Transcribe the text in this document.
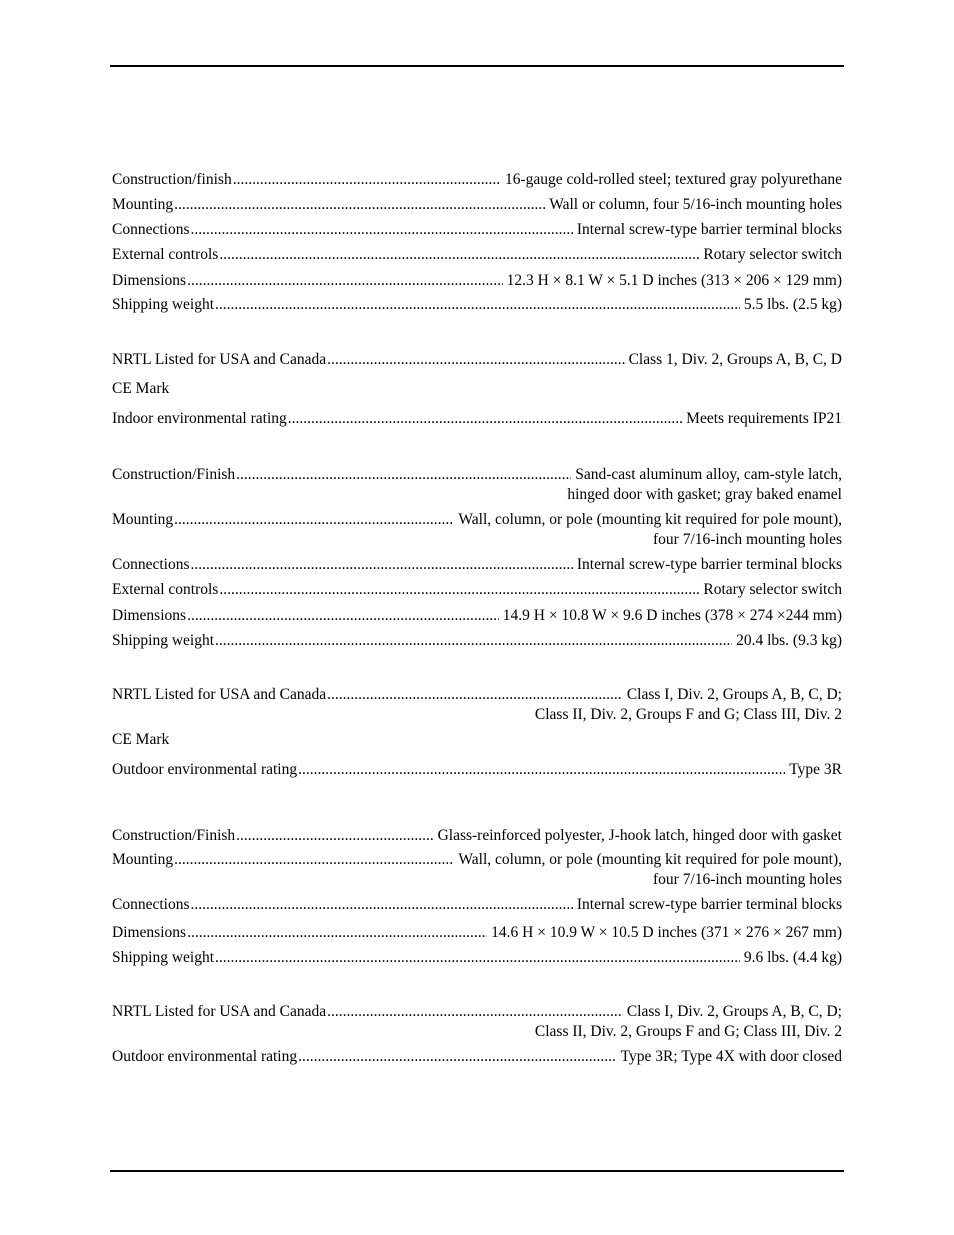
Construction/finish .....	16-gauge cold-rolled steel; textured gray polyurethane
Mounting .....	Wall or column, four 5/16-inch mounting holes
Connections .....	Internal screw-type barrier terminal blocks
External controls .....	Rotary selector switch
Dimensions .....	12.3 H × 8.1 W × 5.1 D inches (313 × 206 × 129 mm)
Shipping weight .....	5.5 lbs. (2.5 kg)
NRTL Listed for USA and Canada .....	Class 1, Div. 2, Groups A, B, C, D
CE Mark
Indoor environmental rating .....	Meets requirements IP21
Construction/Finish .....	Sand-cast aluminum alloy, cam-style latch,
hinged door with gasket; gray baked enamel
Mounting .....	Wall, column, or pole (mounting kit required for pole mount),
four 7/16-inch mounting holes
Connections .....	Internal screw-type barrier terminal blocks
External controls .....	Rotary selector switch
Dimensions .....	14.9 H × 10.8 W × 9.6 D inches (378 × 274 ×244 mm)
Shipping weight .....	20.4 lbs. (9.3 kg)
NRTL Listed for USA and Canada .....	Class I, Div. 2, Groups A, B, C, D;
Class II, Div. 2, Groups F and G; Class III, Div. 2
CE Mark
Outdoor environmental rating .....	Type 3R
Construction/Finish .....	Glass-reinforced polyester, J-hook latch, hinged door with gasket
Mounting .....	Wall, column, or pole (mounting kit required for pole mount),
four 7/16-inch mounting holes
Connections .....	Internal screw-type barrier terminal blocks
Dimensions .....	14.6 H × 10.9 W × 10.5 D inches (371 × 276 × 267 mm)
Shipping weight .....	9.6 lbs. (4.4 kg)
NRTL Listed for USA and Canada .....	Class I, Div. 2, Groups A, B, C, D;
Class II, Div. 2, Groups F and G; Class III, Div. 2
Outdoor environmental rating .....	Type 3R; Type 4X with door closed
